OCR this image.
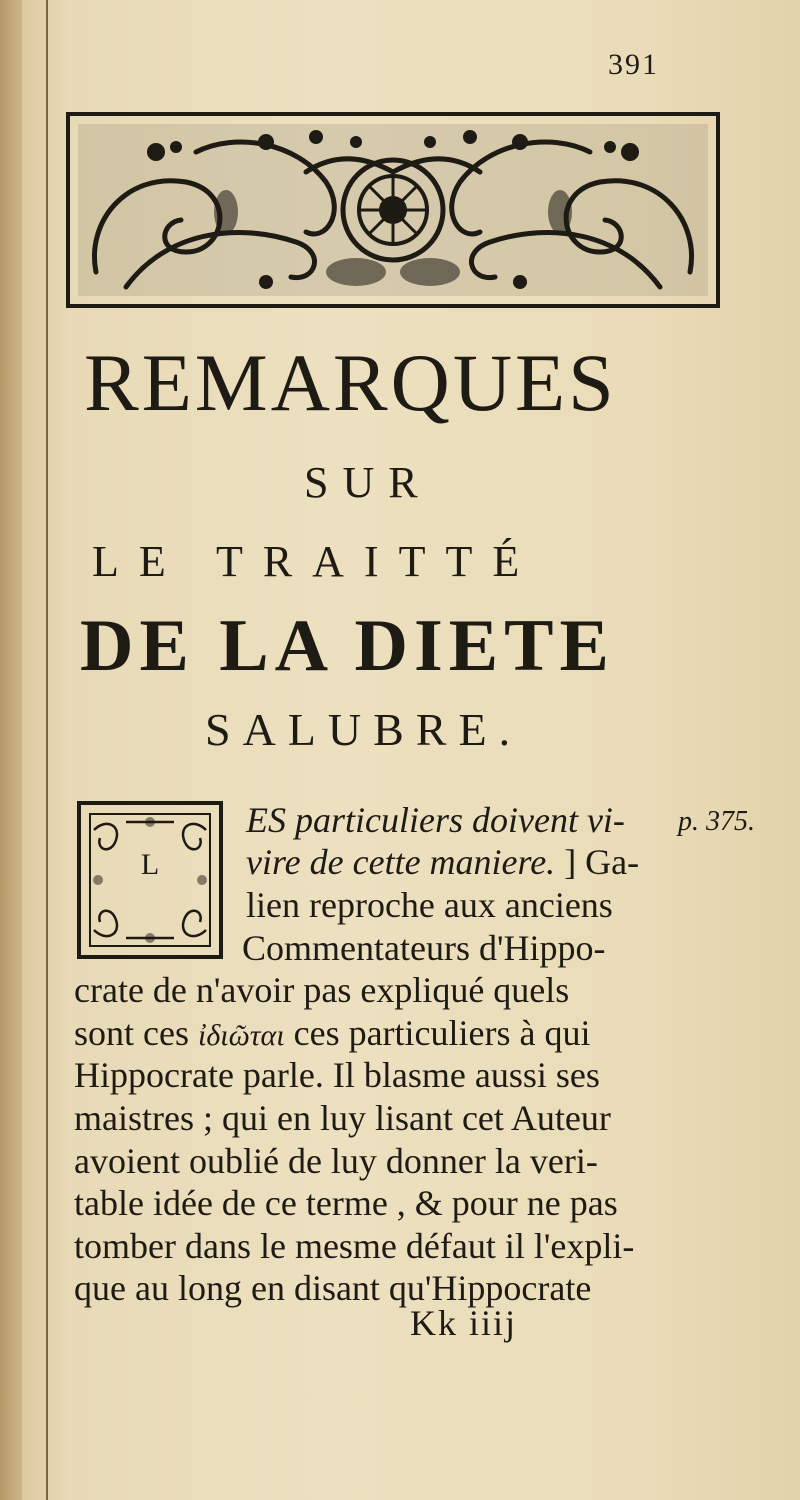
391
REMARQUES
SUR
LE TRAITTÉ
DE LA DIETE
SALUBRE.
L
p. 375.
ES particuliers doivent vi-
vire de cette maniere. ] Ga-
lien reproche aux anciens
Commentateurs d'Hippo-
crate de n'avoir pas expliqué quels
sont ces ἰδιῶται ces particuliers à qui
Hippocrate parle. Il blasme aussi ses
maistres ; qui en luy lisant cet Auteur
avoient oublié de luy donner la veri-
table idée de ce terme , & pour ne pas
tomber dans le mesme défaut il l'expli-
que au long en disant qu'Hippocrate
Kk iiij
